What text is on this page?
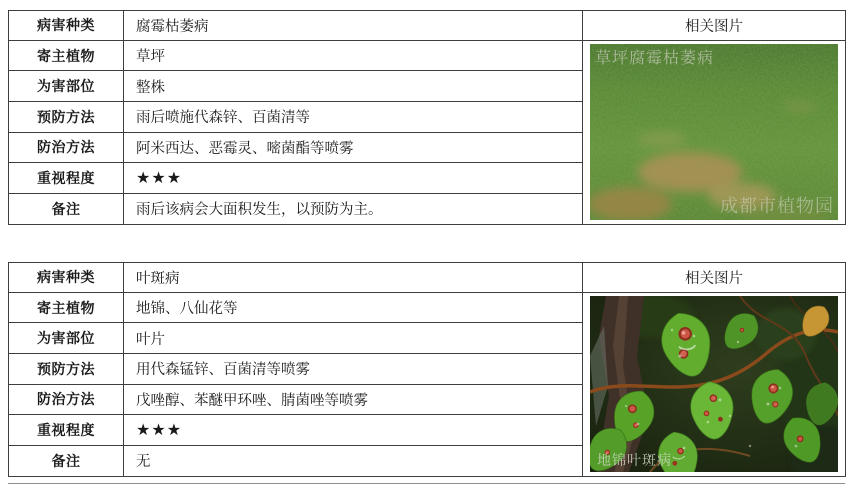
病害种类	腐霉枯萎病	相关图片
寄主植物	草坪	草坪腐霉枯萎病
成都市植物园

为害部位	整株	
预防方法	雨后喷施代森锌、百菌清等	
防治方法	阿米西达、恶霉灵、嘧菌酯等喷雾	
重视程度	★★★	
备注	雨后该病会大面积发生，以预防为主。	
病害种类	叶斑病	相关图片
寄主植物	地锦、八仙花等	地锦叶斑病

为害部位	叶片	
预防方法	用代森锰锌、百菌清等喷雾	
防治方法	戊唑醇、苯醚甲环唑、腈菌唑等喷雾	
重视程度	★★★	
备注	无	
